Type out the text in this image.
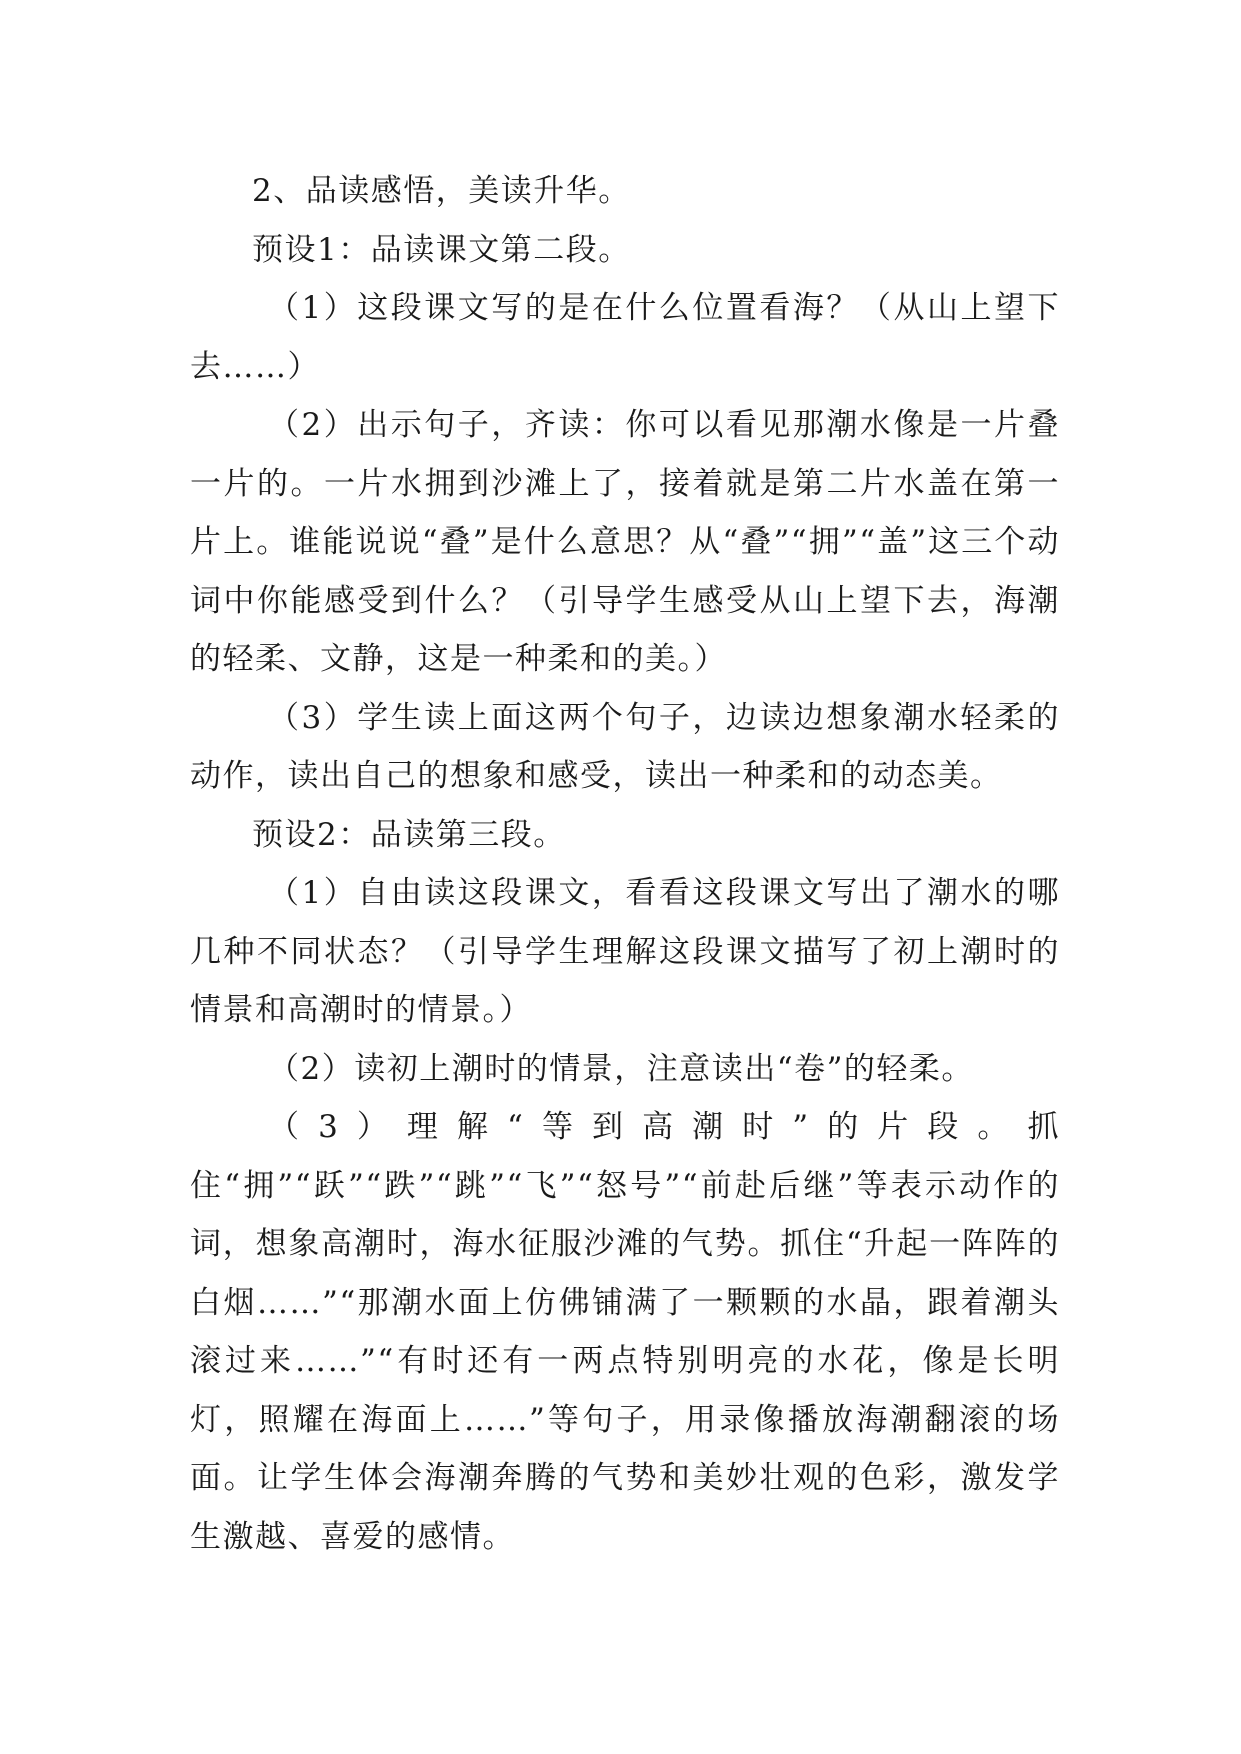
2、品读感悟，美读升华。

预设1：品读课文第二段。

（1）这段课文写的是在什么位置看海？（从山上望下去……）

（2）出示句子，齐读：你可以看见那潮水像是一片叠一片的。一片水拥到沙滩上了，接着就是第二片水盖在第一片上。谁能说说“叠”是什么意思？从“叠”“拥”“盖”这三个动词中你能感受到什么？（引导学生感受从山上望下去，海潮的轻柔、文静，这是一种柔和的美。）

（3）学生读上面这两个句子，边读边想象潮水轻柔的动作，读出自己的想象和感受，读出一种柔和的动态美。

预设2：品读第三段。

（1）自由读这段课文，看看这段课文写出了潮水的哪几种不同状态？（引导学生理解这段课文描写了初上潮时的情景和高潮时的情景。）

（2）读初上潮时的情景，注意读出“卷”的轻柔。

（3）理解“等到高潮时”的片段。抓住“拥”“跃”“跌”“跳”“飞”“怒号”“前赴后继”等表示动作的词，想象高潮时，海水征服沙滩的气势。抓住“升起一阵阵的白烟……”“那潮水面上仿佛铺满了一颗颗的水晶，跟着潮头滚过来……”“有时还有一两点特别明亮的水花，像是长明灯，照耀在海面上……”等句子，用录像播放海潮翻滚的场面。让学生体会海潮奔腾的气势和美妙壮观的色彩，激发学生激越、喜爱的感情。
